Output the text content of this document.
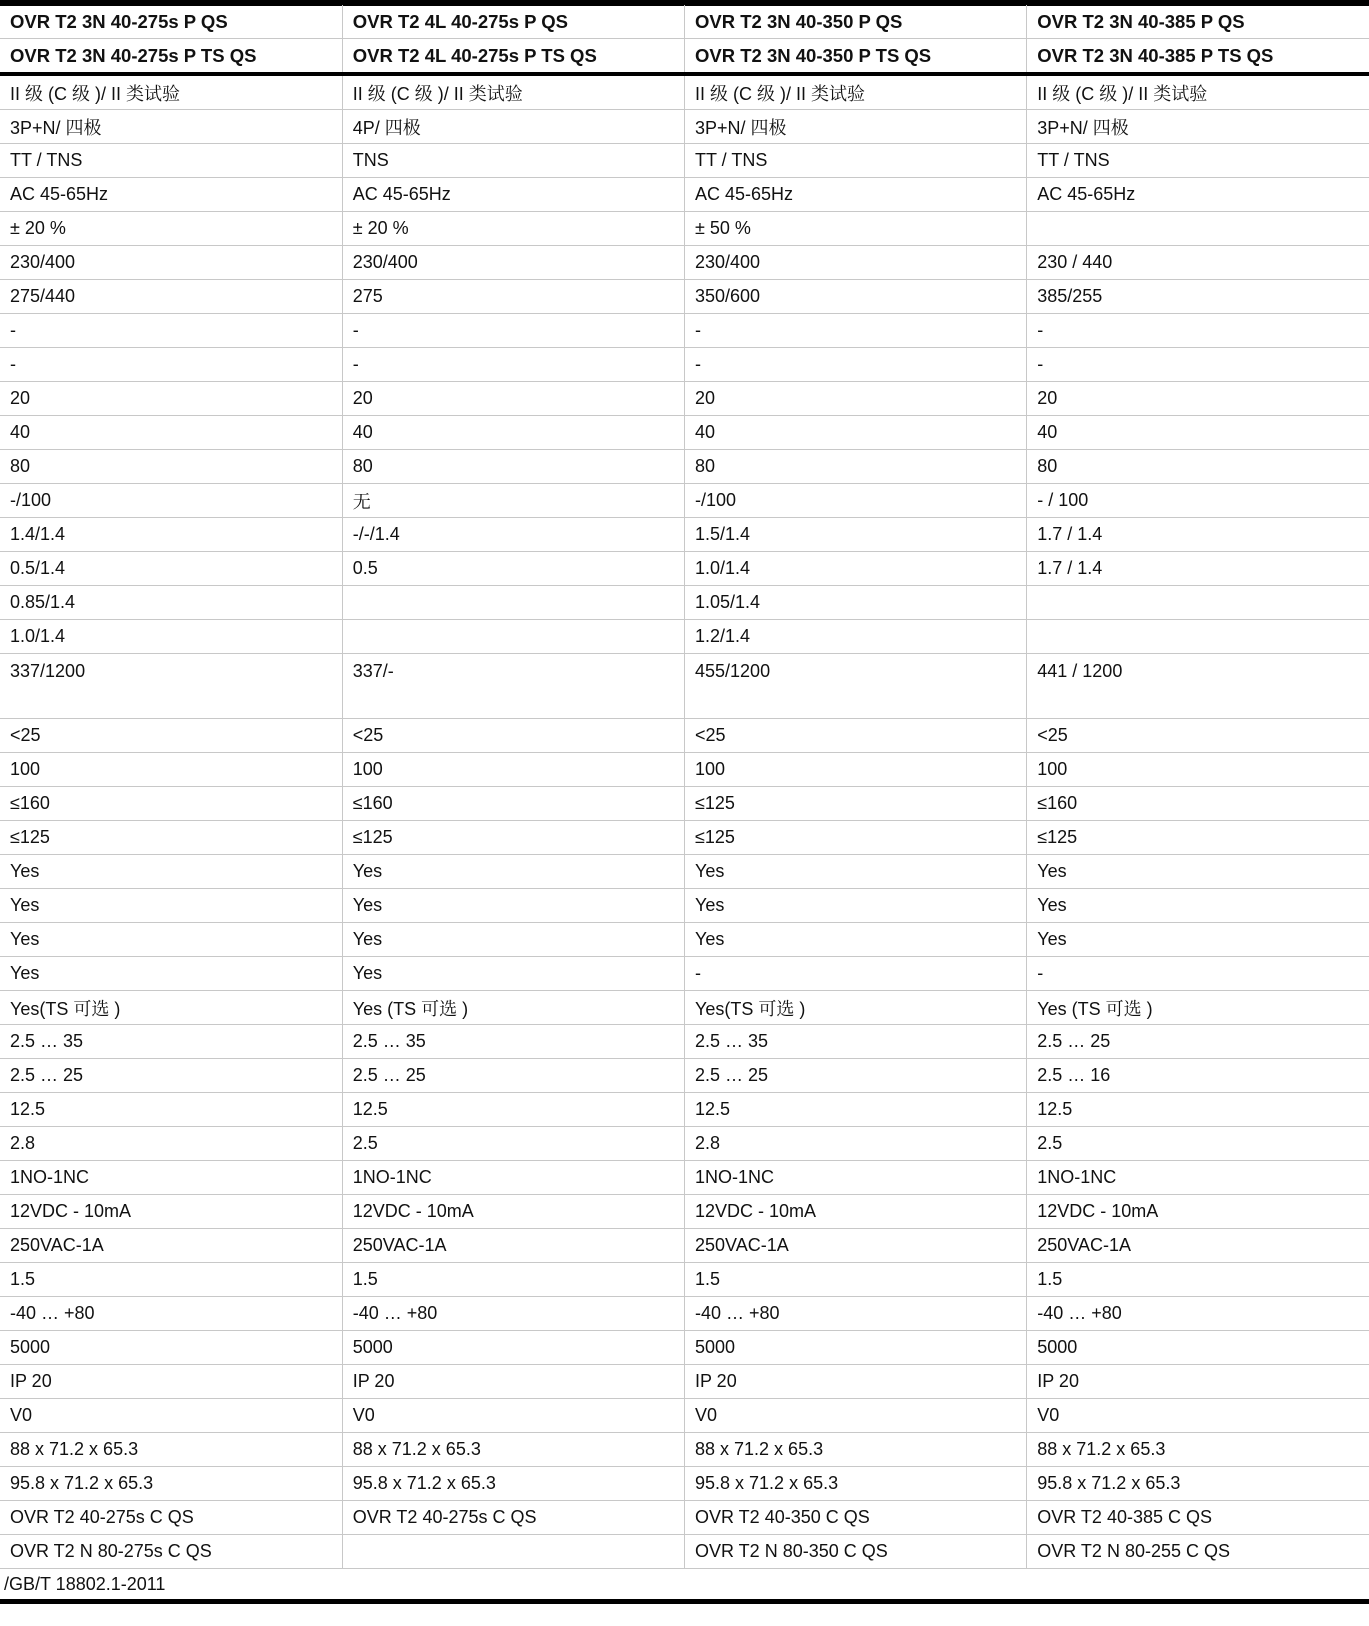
OVR T2 3N 40-275s P QS	OVR T2 4L 40-275s P QS	OVR T2 3N 40-350 P QS	OVR T2 3N 40-385 P QS
OVR T2 3N 40-275s P TS QS	OVR T2 4L 40-275s P TS QS	OVR T2 3N 40-350 P TS QS	OVR T2 3N 40-385 P TS QS
II 级 (C 级 )/ II 类试验	II 级 (C 级 )/ II 类试验	II 级 (C 级 )/ II 类试验	II 级 (C 级 )/ II 类试验
3P+N/ 四极	4P/ 四极	3P+N/ 四极	3P+N/ 四极
TT / TNS	TNS	TT / TNS	TT / TNS
AC 45-65Hz	AC 45-65Hz	AC 45-65Hz	AC 45-65Hz
± 20 %	± 20 %	± 50 %	
230/400	230/400	230/400	230 / 440
275/440	275	350/600	385/255
-	-	-	-
-	-	-	-
20	20	20	20
40	40	40	40
80	80	80	80
-/100	无	-/100	- / 100
1.4/1.4	-/-/1.4	1.5/1.4	1.7 / 1.4
0.5/1.4	0.5	1.0/1.4	1.7 / 1.4
0.85/1.4		1.05/1.4	
1.0/1.4		1.2/1.4	
337/1200	337/-	455/1200	441 / 1200
<25	<25	<25	<25
100	100	100	100
≤160	≤160	≤125	≤160
≤125	≤125	≤125	≤125
Yes	Yes	Yes	Yes
Yes	Yes	Yes	Yes
Yes	Yes	Yes	Yes
Yes	Yes	-	-
Yes(TS 可选 )	Yes (TS 可选 )	Yes(TS 可选 )	Yes (TS 可选 )
2.5 … 35	2.5 … 35	2.5 … 35	2.5 … 25
2.5 … 25	2.5 … 25	2.5 … 25	2.5 … 16
12.5	12.5	12.5	12.5
2.8	2.5	2.8	2.5
1NO-1NC	1NO-1NC	1NO-1NC	1NO-1NC
12VDC - 10mA	12VDC - 10mA	12VDC - 10mA	12VDC - 10mA
250VAC-1A	250VAC-1A	250VAC-1A	250VAC-1A
1.5	1.5	1.5	1.5
-40 … +80	-40 … +80	-40 … +80	-40 … +80
5000	5000	5000	5000
IP 20	IP 20	IP 20	IP 20
V0	V0	V0	V0
88 x 71.2 x 65.3	88 x 71.2 x 65.3	88 x 71.2 x 65.3	88 x 71.2 x 65.3
95.8 x 71.2 x 65.3	95.8 x 71.2 x 65.3	95.8 x 71.2 x 65.3	95.8 x 71.2 x 65.3
OVR T2 40-275s C QS	OVR T2 40-275s C QS	OVR T2 40-350 C QS	OVR T2 40-385 C QS
OVR T2 N 80-275s C QS		OVR T2 N 80-350 C QS	OVR T2 N 80-255 C QS
/GB/T 18802.1-2011			
